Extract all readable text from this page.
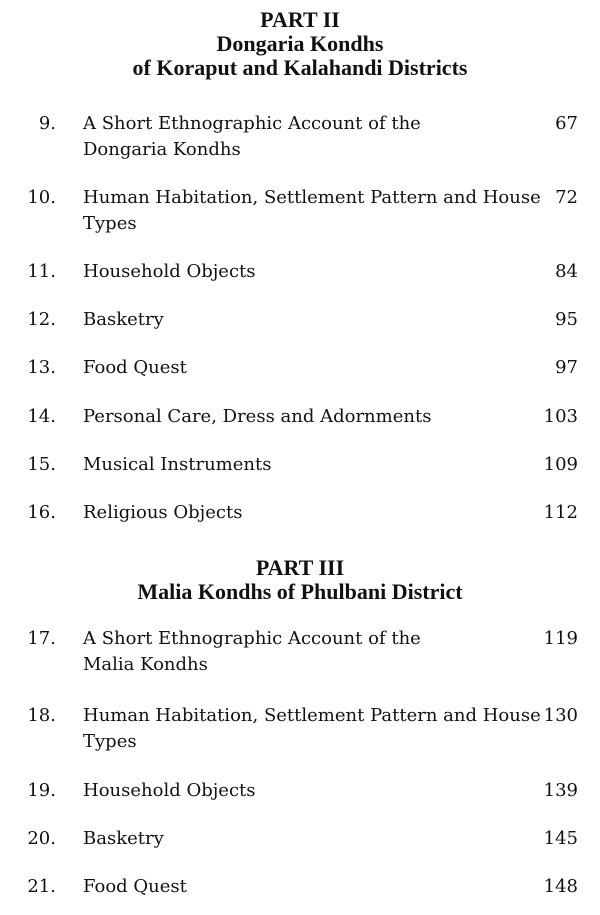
PART II
Dongaria Kondhs
of Koraput and Kalahandi Districts
9. A Short Ethnographic Account of the
Dongaria Kondhs
67
10. Human Habitation, Settlement Pattern and House
Types
72
11. Household Objects	84
12. Basketry	95
13. Food Quest	97
14. Personal Care, Dress and Adornments	103
15. Musical Instruments	109
16. Religious Objects	112
PART III
Malia Kondhs of Phulbani District
17. A Short Ethnographic Account of the
Malia Kondhs
119
18. Human Habitation, Settlement Pattern and House
Types
130
19. Household Objects	139
20. Basketry	145
21. Food Quest	148
